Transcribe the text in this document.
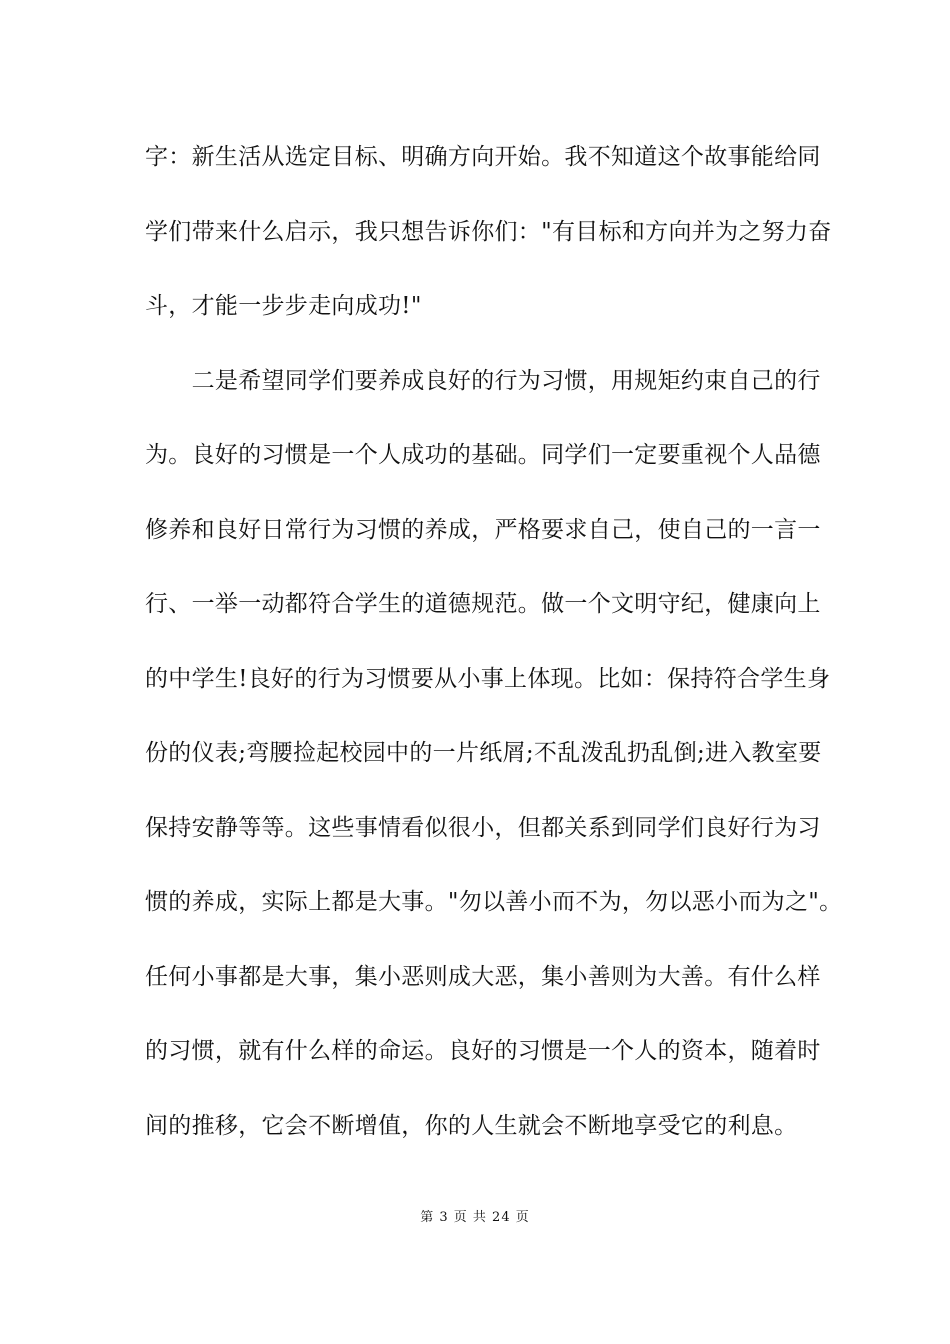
字：新生活从选定目标、明确方向开始。我不知道这个故事能给同
学们带来什么启示，我只想告诉你们："有目标和方向并为之努力奋
斗，才能一步步走向成功!"
　　二是希望同学们要养成良好的行为习惯，用规矩约束自己的行
为。良好的习惯是一个人成功的基础。同学们一定要重视个人品德
修养和良好日常行为习惯的养成，严格要求自己，使自己的一言一
行、一举一动都符合学生的道德规范。做一个文明守纪，健康向上
的中学生!良好的行为习惯要从小事上体现。比如：保持符合学生身
份的仪表;弯腰捡起校园中的一片纸屑;不乱泼乱扔乱倒;进入教室要
保持安静等等。这些事情看似很小，但都关系到同学们良好行为习
惯的养成，实际上都是大事。"勿以善小而不为，勿以恶小而为之"。
任何小事都是大事，集小恶则成大恶，集小善则为大善。有什么样
的习惯，就有什么样的命运。良好的习惯是一个人的资本，随着时
间的推移，它会不断增值，你的人生就会不断地享受它的利息。
第 3 页 共 24 页
